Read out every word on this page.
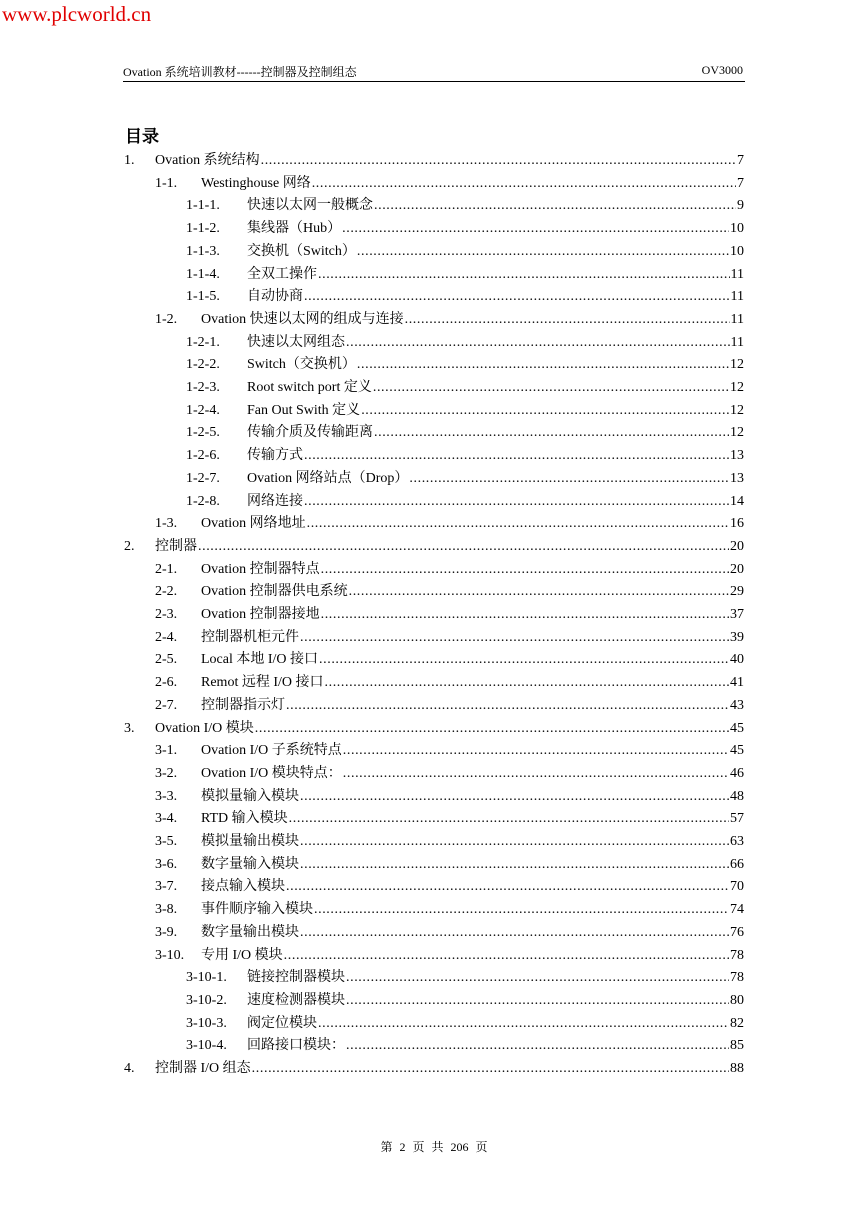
www.plcworld.cn
Ovation 系统培训教材------控制器及控制组态	OV3000
目录
1.	Ovation 系统结构 .....	7
1-1.	Westinghouse 网络 .....	7
1-1-1.	快速以太网一般概念 .....	9
1-1-2.	集线器（Hub） .....	10
1-1-3.	交换机（Switch） .....	10
1-1-4.	全双工操作 .....	11
1-1-5.	自动协商 .....	11
1-2.	Ovation 快速以太网的组成与连接 .....	11
1-2-1.	快速以太网组态 .....	11
1-2-2.	Switch（交换机） .....	12
1-2-3.	Root switch port 定义 .....	12
1-2-4.	Fan Out Swith 定义 .....	12
1-2-5.	传输介质及传输距离 .....	12
1-2-6.	传输方式 .....	13
1-2-7.	Ovation 网络站点（Drop） .....	13
1-2-8.	网络连接 .....	14
1-3.	Ovation 网络地址 .....	16
2.	控制器 .....	20
2-1.	Ovation 控制器特点 .....	20
2-2.	Ovation 控制器供电系统 .....	29
2-3.	Ovation 控制器接地 .....	37
2-4.	控制器机柜元件 .....	39
2-5.	Local 本地 I/O 接口 .....	40
2-6.	Remot 远程 I/O 接口 .....	41
2-7.	控制器指示灯 .....	43
3.	Ovation I/O 模块 .....	45
3-1.	Ovation I/O 子系统特点 .....	45
3-2.	Ovation I/O 模块特点： .....	46
3-3.	模拟量输入模块 .....	48
3-4.	RTD 输入模块 .....	57
3-5.	模拟量输出模块 .....	63
3-6.	数字量输入模块 .....	66
3-7.	接点输入模块 .....	70
3-8.	事件顺序输入模块 .....	74
3-9.	数字量输出模块 .....	76
3-10.	专用 I/O 模块 .....	78
3-10-1.	链接控制器模块 .....	78
3-10-2.	速度检测器模块 .....	80
3-10-3.	阀定位模块 .....	82
3-10-4.	回路接口模块： .....	85
4.	控制器 I/O 组态 .....	88
第 2 页 共 206 页
